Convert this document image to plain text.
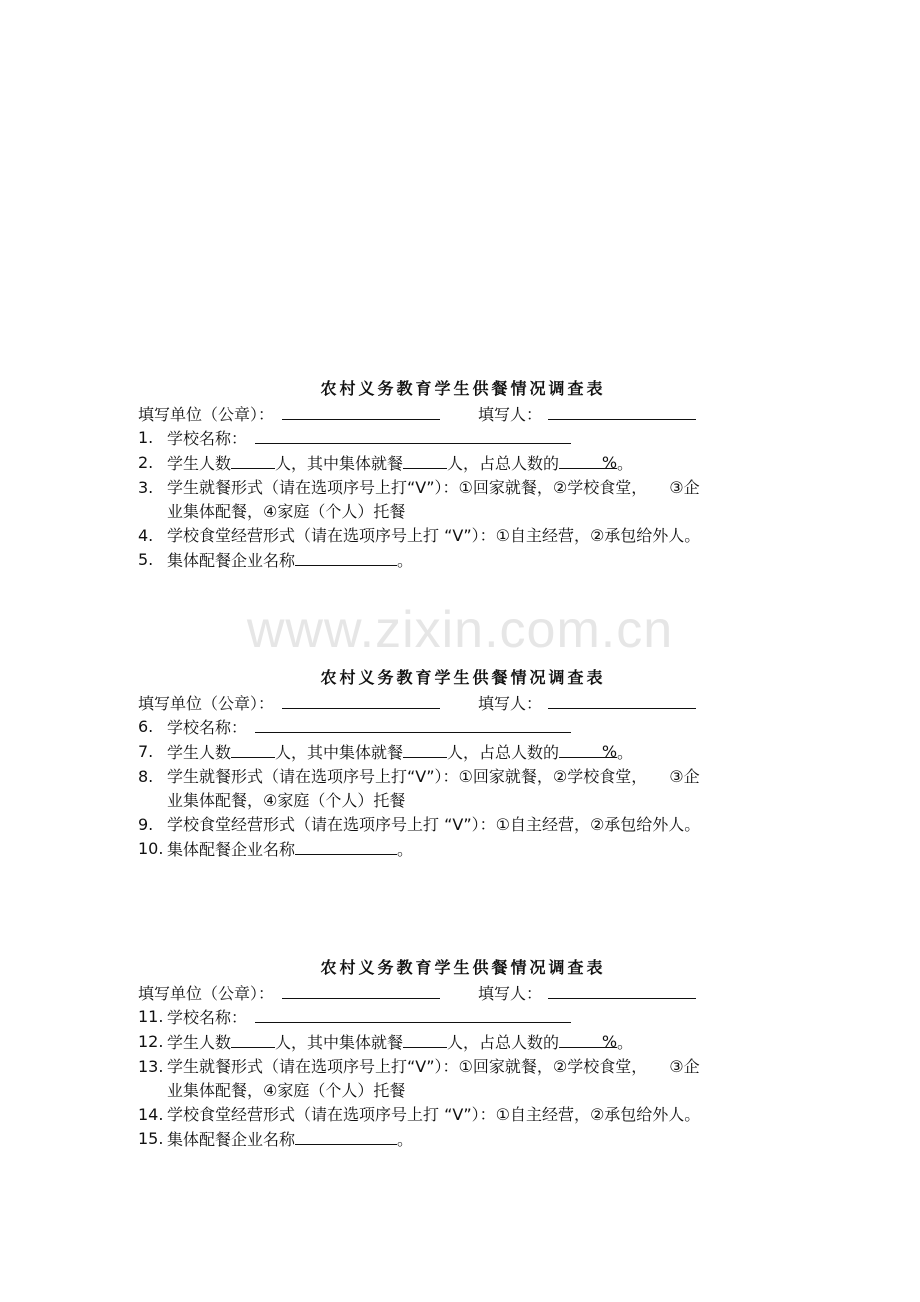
www.zixin.com.cn
农村义务教育学生供餐情况调查表
填写单位（公章）：	填写人：
1. 学校名称：
2. 学生人数	人，其中集体就餐	人，占总人数的	% 。
3. 学生就餐形式（请在选项序号上打“V”）：①回家就餐，②学校食堂， ③企
业集体配餐，④家庭（个人）托餐
4. 学校食堂经营形式（请在选项序号上打 “V”）：①自主经营，②承包给外人。
5. 集体配餐企业名称	。
农村义务教育学生供餐情况调查表
填写单位（公章）：	填写人：
6. 学校名称：
7. 学生人数	人，其中集体就餐	人，占总人数的	% 。
8. 学生就餐形式（请在选项序号上打“V”）：①回家就餐，②学校食堂， ③企
业集体配餐，④家庭（个人）托餐
9. 学校食堂经营形式（请在选项序号上打 “V”）：①自主经营，②承包给外人。
10. 集体配餐企业名称	。
农村义务教育学生供餐情况调查表
填写单位（公章）：	填写人：
11. 学校名称：
12. 学生人数	人，其中集体就餐	人，占总人数的	% 。
13. 学生就餐形式（请在选项序号上打“V”）：①回家就餐，②学校食堂， ③企
业集体配餐，④家庭（个人）托餐
14. 学校食堂经营形式（请在选项序号上打 “V”）：①自主经营，②承包给外人。
15. 集体配餐企业名称	。
